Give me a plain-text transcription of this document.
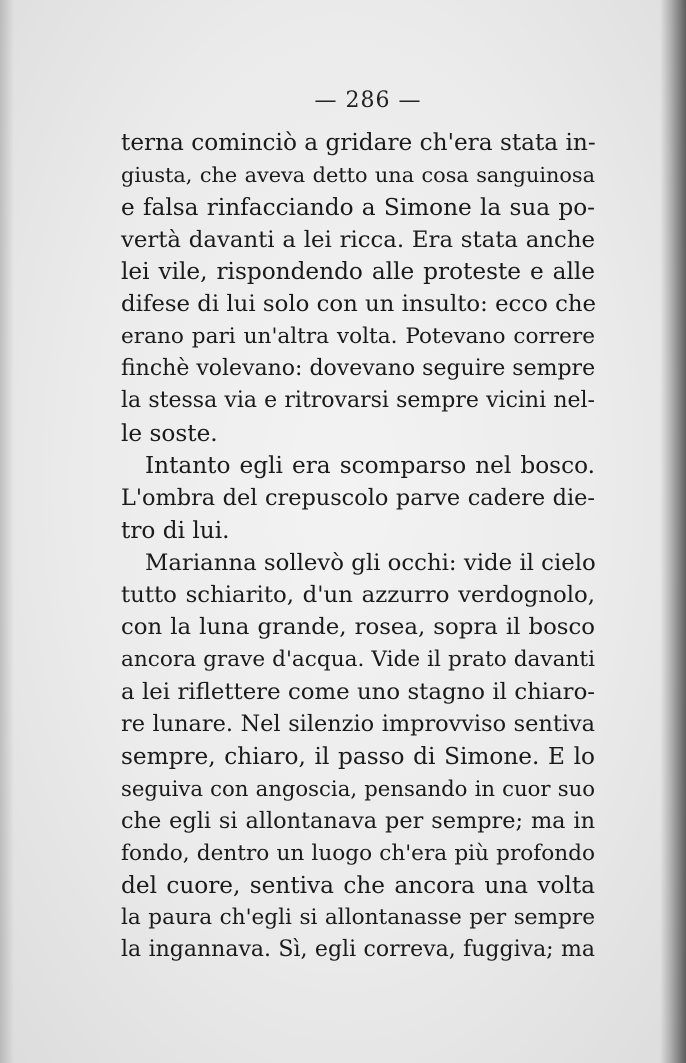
— 286 —
terna cominciò a gridare ch'era stata in-
giusta, che aveva detto una cosa sanguinosa
e falsa rinfacciando a Simone la sua po-
vertà davanti a lei ricca. Era stata anche
lei vile, rispondendo alle proteste e alle
difese di lui solo con un insulto: ecco che
erano pari un'altra volta. Potevano correre
finchè volevano: dovevano seguire sempre
la stessa via e ritrovarsi sempre vicini nel-
le soste.
Intanto egli era scomparso nel bosco.
L'ombra del crepuscolo parve cadere die-
tro di lui.
Marianna sollevò gli occhi: vide il cielo
tutto schiarito, d'un azzurro verdognolo,
con la luna grande, rosea, sopra il bosco
ancora grave d'acqua. Vide il prato davanti
a lei riflettere come uno stagno il chiaro-
re lunare. Nel silenzio improvviso sentiva
sempre, chiaro, il passo di Simone. E lo
seguiva con angoscia, pensando in cuor suo
che egli si allontanava per sempre; ma in
fondo, dentro un luogo ch'era più profondo
del cuore, sentiva che ancora una volta
la paura ch'egli si allontanasse per sempre
la ingannava. Sì, egli correva, fuggiva; ma
